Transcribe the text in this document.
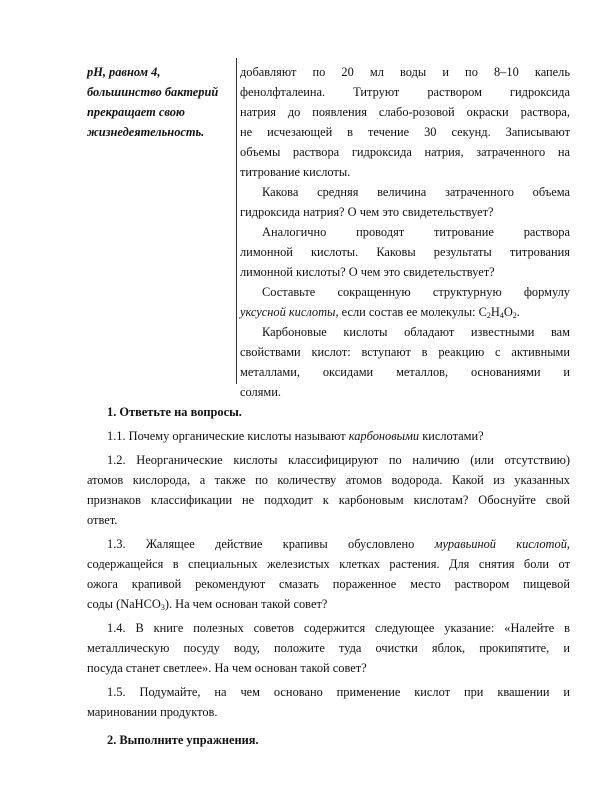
рН, равном 4,
большинство бактерий
прекращает свою
жизнедеятельность.
добавляют по 20 мл воды и по 8–10 капель
фенолфталеина. Титруют раствором гидроксида
натрия до появления слабо-розовой окраски раствора,
не исчезающей в течение 30 секунд. Записывают
объемы раствора гидроксида натрия, затраченного на
титрование кислоты.
Какова средняя величина затраченного объема
гидроксида натрия? О чем это свидетельствует?
Аналогично проводят титрование раствора
лимонной кислоты. Каковы результаты титрования
лимонной кислоты? О чем это свидетельствует?
Составьте сокращенную структурную формулу
уксусной кислоты, если состав ее молекулы: $С_2Н_4О_2$.
Карбоновые кислоты обладают известными вам
свойствами кислот: вступают в реакцию с активными
металлами, оксидами металлов, основаниями и
солями.
1. Ответьте на вопросы.
1.1. Почему органические кислоты называют карбоновыми кислотами?
1.2. Неорганические кислоты классифицируют по наличию (или отсутствию)
атомов кислорода, а также по количеству атомов водорода. Какой из указанных
признаков классификации не подходит к карбоновым кислотам? Обоснуйте свой
ответ.
1.3. Жалящее действие крапивы обусловлено муравьиной кислотой,
содержащейся в специальных железистых клетках растения. Для снятия боли от
ожога крапивой рекомендуют смазать пораженное место раствором пищевой
соды (NaHCO$_3$). На чем основан такой совет?
1.4. В книге полезных советов содержится следующее указание: «Налейте в
металлическую посуду воду, положите туда очистки яблок, прокипятите, и
посуда станет светлее». На чем основан такой совет?
1.5. Подумайте, на чем основано применение кислот при квашении и
мариновании продуктов.
2. Выполните упражнения.
